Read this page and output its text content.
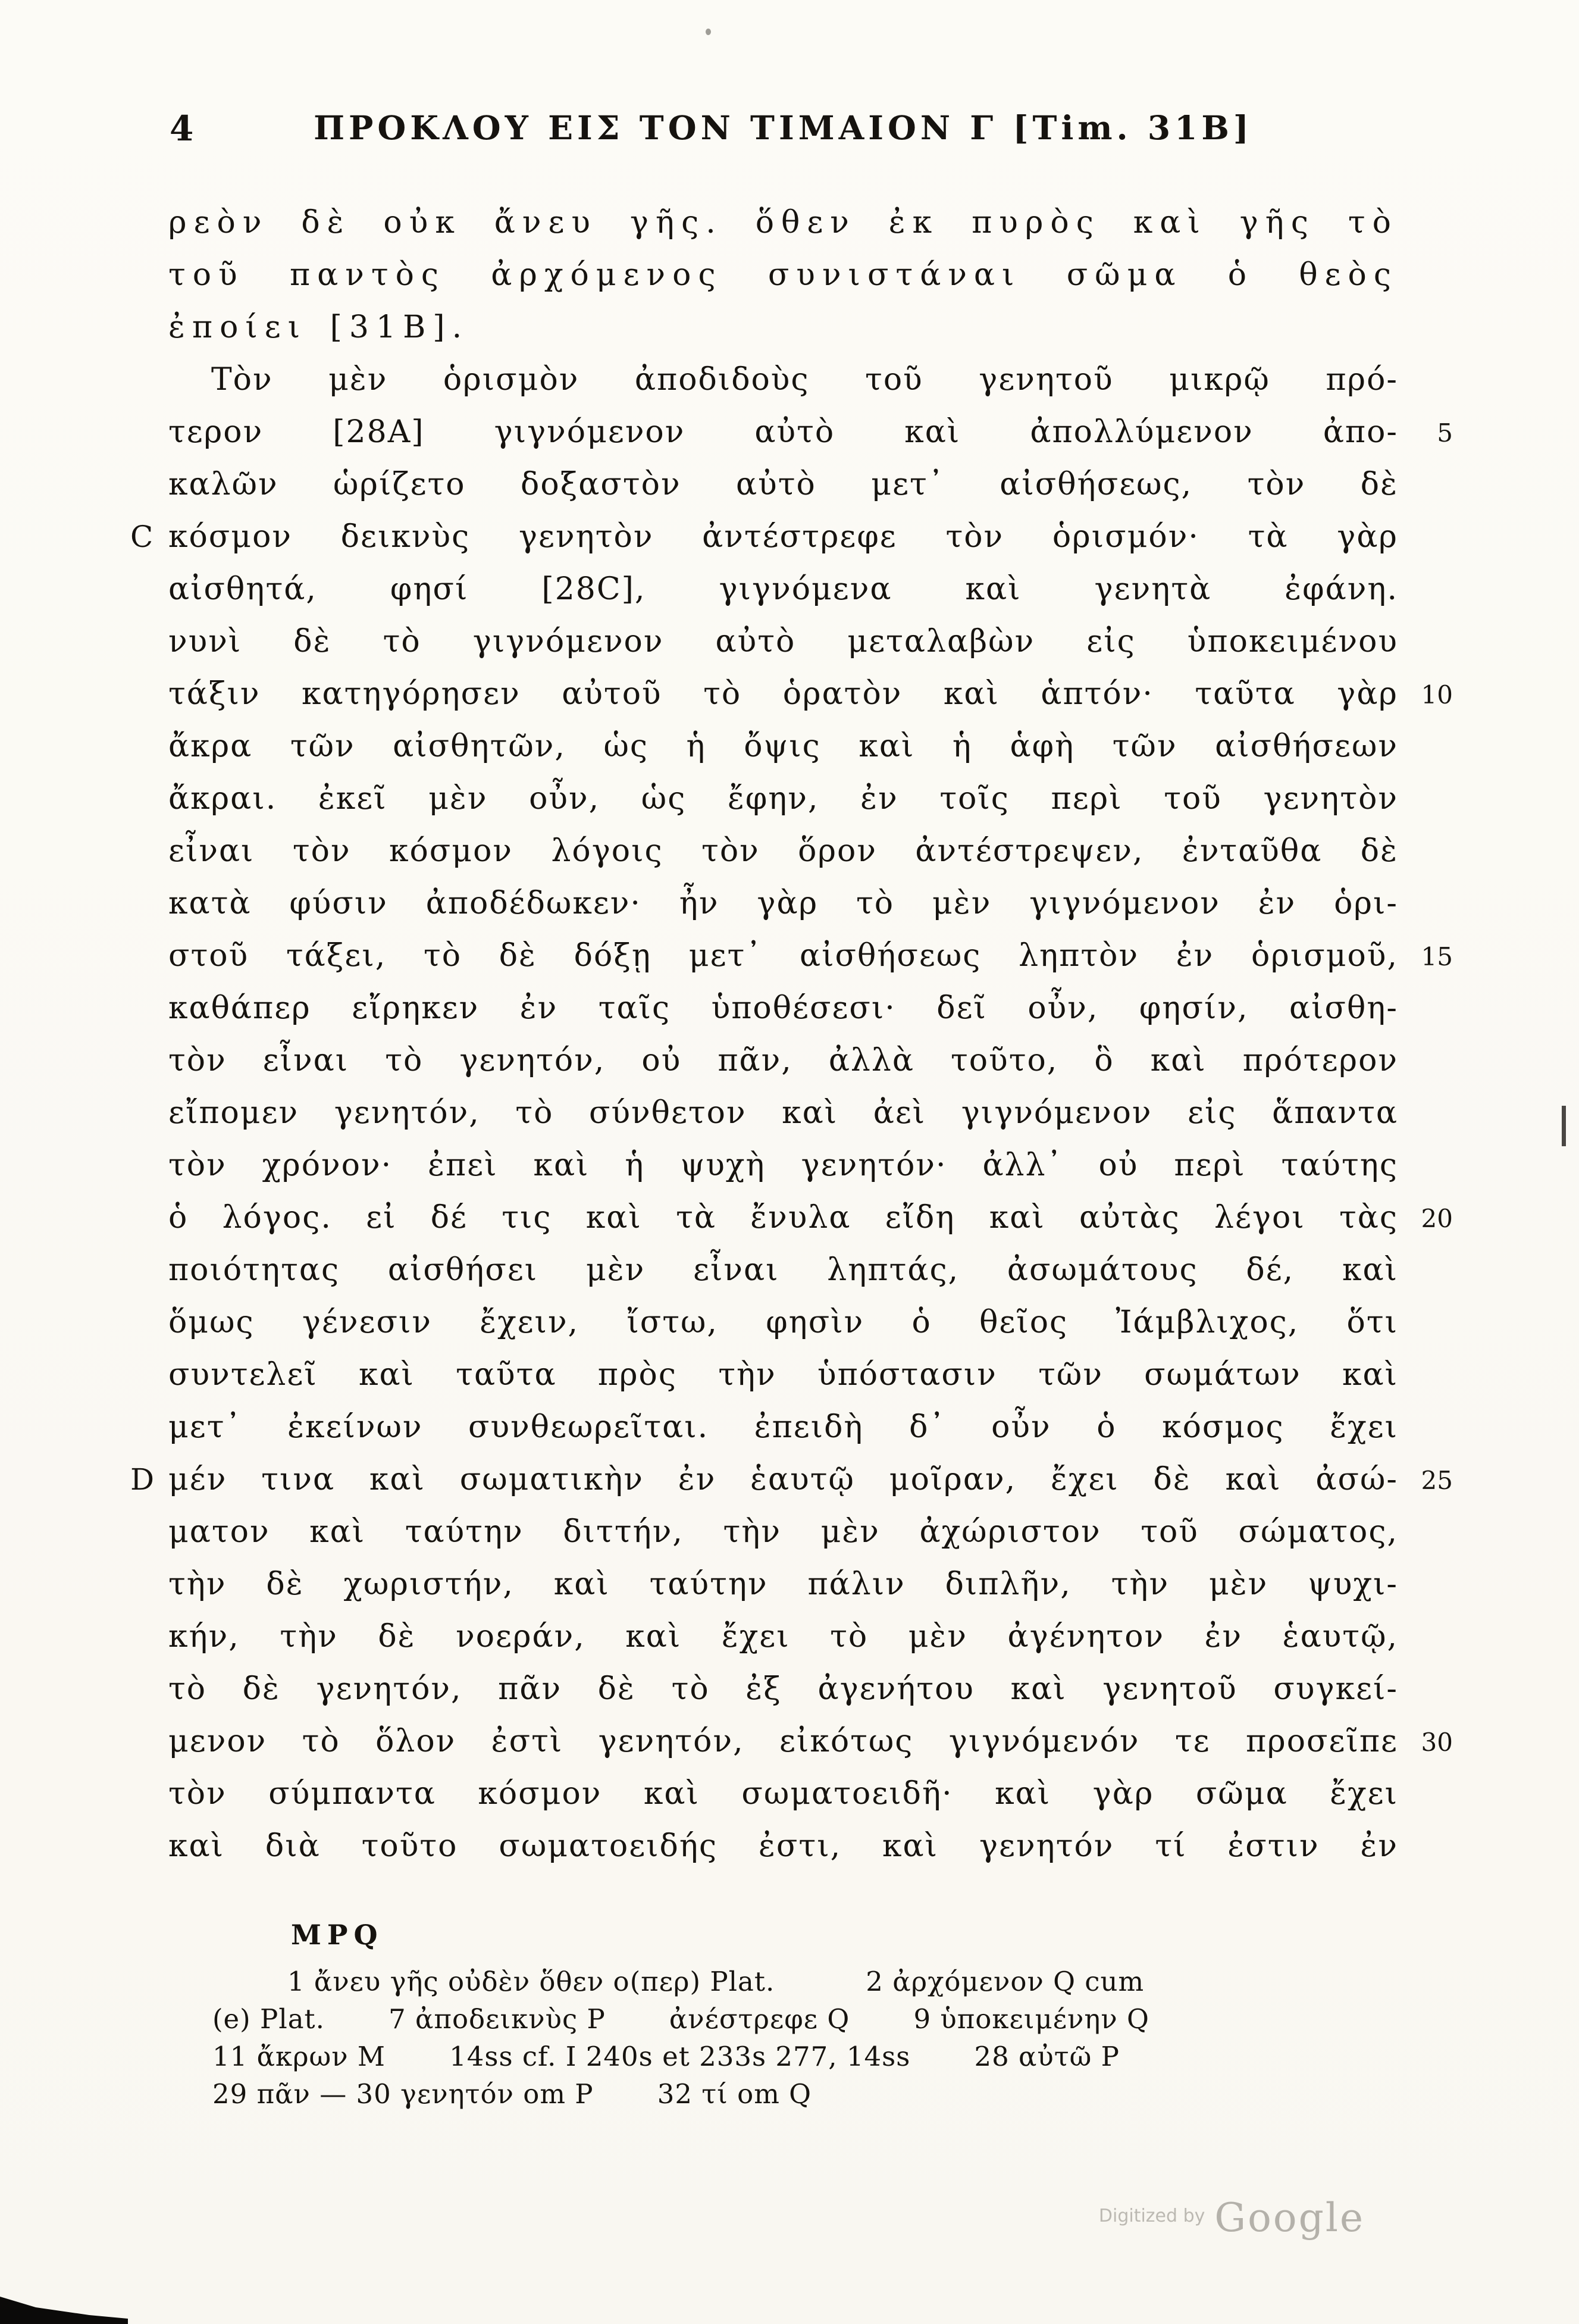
4	ΠΡΟΚΛΟΥ ΕΙΣ ΤΟΝ ΤΙΜΑΙΟΝ Γ [Tim. 31B]
ρεὸν δὲ οὐκ ἄνευ γῆς. ὅθεν ἐκ πυρὸς καὶ γῆς τὸ
τοῦ παντὸς ἀρχόμενος συνιστάναι σῶμα ὁ θεὸς
ἐποίει [31B].
Τὸν μὲν ὁρισμὸν ἀποδιδοὺς τοῦ γενητοῦ μικρῷ πρό-
τερον [28A] γιγνόμενον αὐτὸ καὶ ἀπολλύμενον ἀπο- 5
καλῶν ὡρίζετο δοξαστὸν αὐτὸ μετ᾽ αἰσθήσεως, τὸν δὲ
C κόσμον δεικνὺς γενητὸν ἀντέστρεφε τὸν ὁρισμόν· τὰ γὰρ
αἰσθητά, φησί [28C], γιγνόμενα καὶ γενητὰ ἐφάνη.
νυνὶ δὲ τὸ γιγνόμενον αὐτὸ μεταλαβὼν εἰς ὑποκειμένου
τάξιν κατηγόρησεν αὐτοῦ τὸ ὁρατὸν καὶ ἁπτόν· ταῦτα γὰρ 10
ἄκρα τῶν αἰσθητῶν, ὡς ἡ ὄψις καὶ ἡ ἁφὴ τῶν αἰσθήσεων
ἄκραι. ἐκεῖ μὲν οὖν, ὡς ἔφην, ἐν τοῖς περὶ τοῦ γενητὸν
εἶναι τὸν κόσμον λόγοις τὸν ὅρον ἀντέστρεψεν, ἐνταῦθα δὲ
κατὰ φύσιν ἀποδέδωκεν· ἦν γὰρ τὸ μὲν γιγνόμενον ἐν ὁρι-
στοῦ τάξει, τὸ δὲ δόξῃ μετ᾽ αἰσθήσεως ληπτὸν ἐν ὁρισμοῦ, 15
καθάπερ εἴρηκεν ἐν ταῖς ὑποθέσεσι· δεῖ οὖν, φησίν, αἰσθη-
τὸν εἶναι τὸ γενητόν, οὐ πᾶν, ἀλλὰ τοῦτο, ὃ καὶ πρότερον
εἴπομεν γενητόν, τὸ σύνθετον καὶ ἀεὶ γιγνόμενον εἰς ἅπαντα
τὸν χρόνον· ἐπεὶ καὶ ἡ ψυχὴ γενητόν· ἀλλ᾽ οὐ περὶ ταύτης
ὁ λόγος. εἰ δέ τις καὶ τὰ ἔνυλα εἴδη καὶ αὐτὰς λέγοι τὰς 20
ποιότητας αἰσθήσει μὲν εἶναι ληπτάς, ἀσωμάτους δέ, καὶ
ὅμως γένεσιν ἔχειν, ἴστω, φησὶν ὁ θεῖος Ἰάμβλιχος, ὅτι
συντελεῖ καὶ ταῦτα πρὸς τὴν ὑπόστασιν τῶν σωμάτων καὶ
μετ᾽ ἐκείνων συνθεωρεῖται. ἐπειδὴ δ᾽ οὖν ὁ κόσμος ἔχει
D μέν τινα καὶ σωματικὴν ἐν ἑαυτῷ μοῖραν, ἔχει δὲ καὶ ἀσώ- 25
ματον καὶ ταύτην διττήν, τὴν μὲν ἀχώριστον τοῦ σώματος,
τὴν δὲ χωριστήν, καὶ ταύτην πάλιν διπλῆν, τὴν μὲν ψυχι-
κήν, τὴν δὲ νοεράν, καὶ ἔχει τὸ μὲν ἀγένητον ἐν ἑαυτῷ,
τὸ δὲ γενητόν, πᾶν δὲ τὸ ἐξ ἀγενήτου καὶ γενητοῦ συγκεί-
μενον τὸ ὅλον ἐστὶ γενητόν, εἰκότως γιγνόμενόν τε προσεῖπε 30
τὸν σύμπαντα κόσμον καὶ σωματοειδῆ· καὶ γὰρ σῶμα ἔχει
καὶ διὰ τοῦτο σωματοειδής ἐστι, καὶ γενητόν τί ἐστιν ἐν
MPQ
1 ἄνευ γῆς οὐδὲν ὅθεν ο(περ) Plat.          2 ἀρχόμενον Q cum
(e) Plat.       7 ἀποδεικνὺς P       ἀνέστρεφε Q       9 ὑποκειμένην Q
11 ἄκρων M       14ss cf. I 240s et 233s 277, 14ss       28 αὐτῶ P
29 πᾶν — 30 γενητόν om P       32 τί om Q
Digitized by Google
